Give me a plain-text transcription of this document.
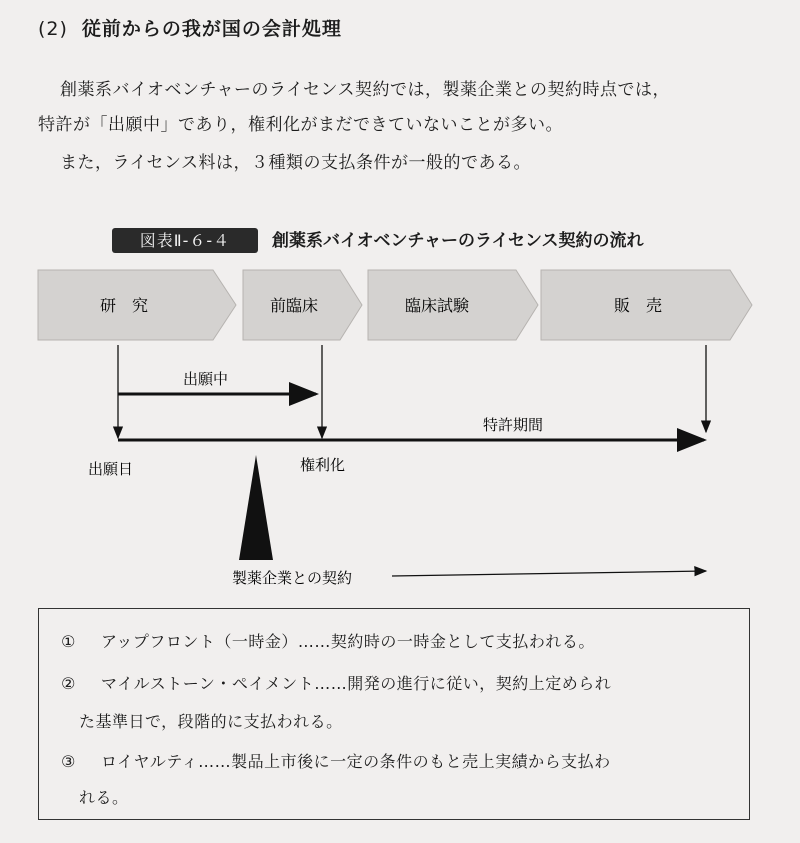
(2) 従前からの我が国の会計処理
創薬系バイオベンチャーのライセンス契約では，製薬企業との契約時点では，
特許が「出願中」であり，権利化がまだできていないことが多い。
また，ライセンス料は，３種類の支払条件が一般的である。
図表Ⅱ-６-４	創薬系バイオベンチャーのライセンス契約の流れ
研　究	前臨床	臨床試験	販　売
出願中
特許期間
出願日	権利化
製薬企業との契約
① アップフロント（一時金）……契約時の一時金として支払われる。
② マイルストーン・ペイメント……開発の進行に従い，契約上定められ
た基準日で，段階的に支払われる。
③ ロイヤルティ……製品上市後に一定の条件のもと売上実績から支払わ
れる。
